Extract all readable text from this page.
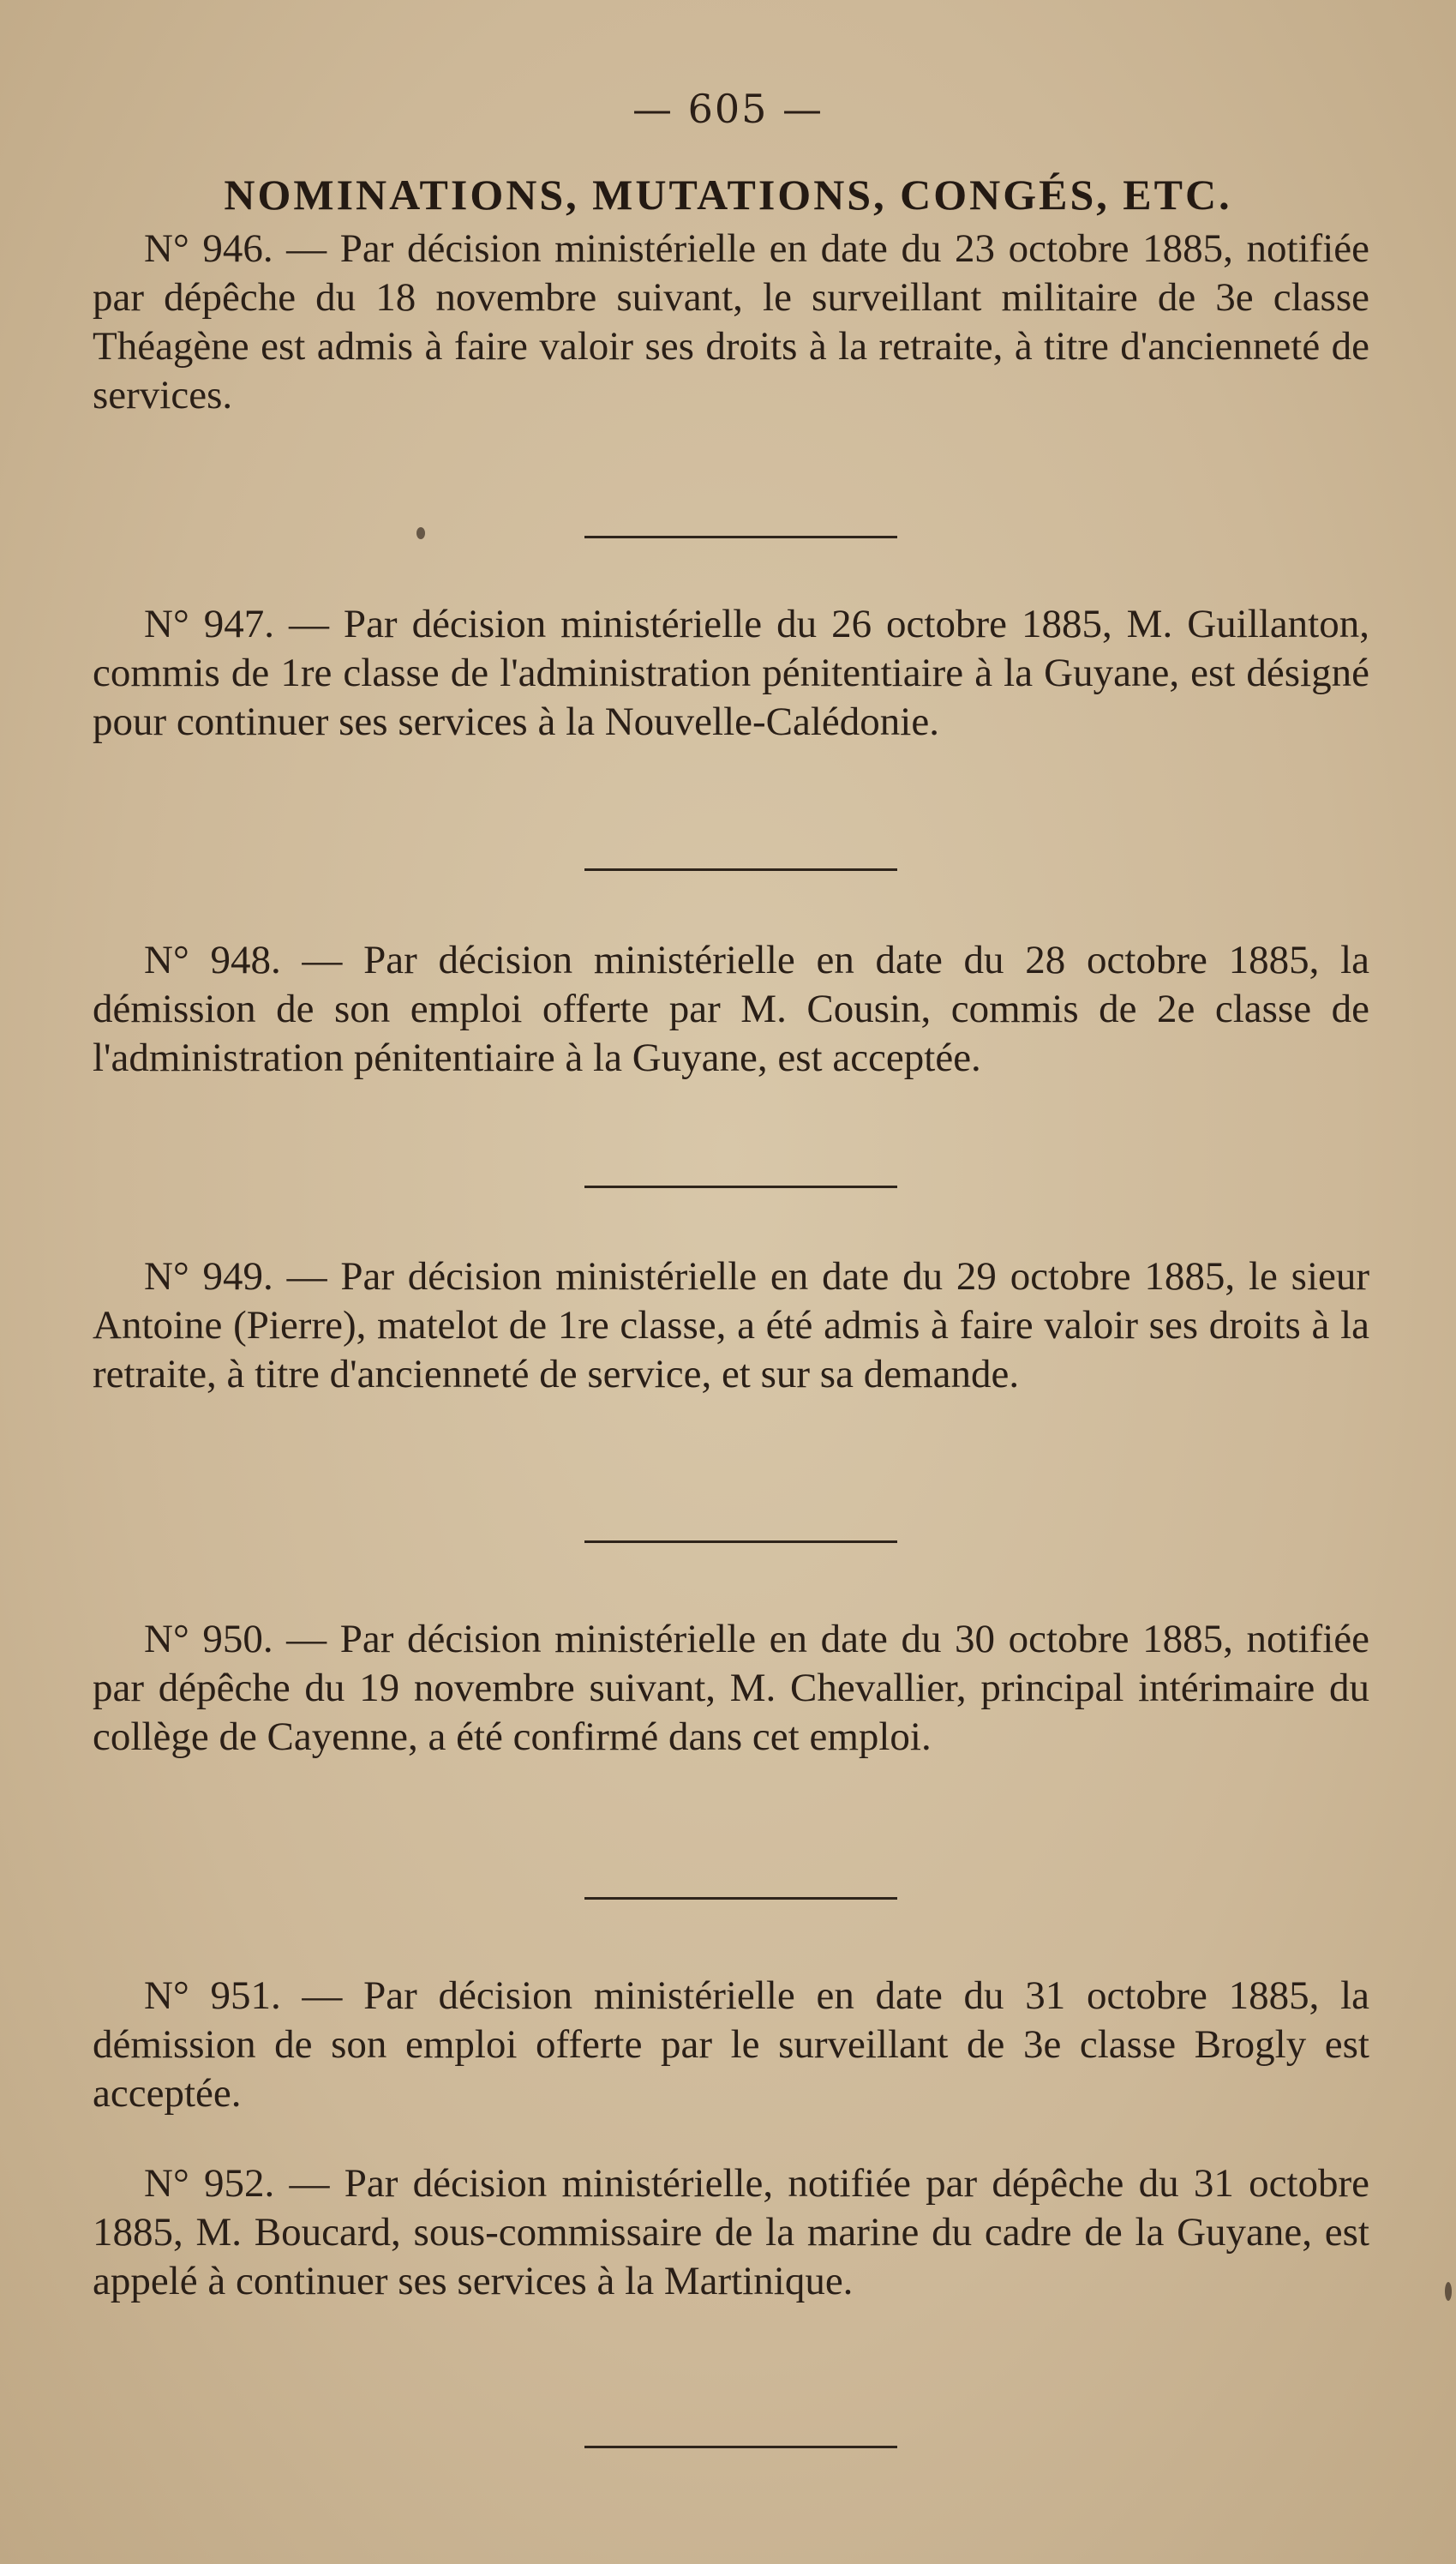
— 605 —
NOMINATIONS, MUTATIONS, CONGÉS, ETC.
N° 946. — Par décision ministérielle en date du 23 octobre 1885, notifiée par dépêche du 18 novembre suivant, le surveillant militaire de 3e classe Théagène est admis à faire valoir ses droits à la retraite, à titre d'ancienneté de services.
N° 947. — Par décision ministérielle du 26 octobre 1885, M. Guillanton, commis de 1re classe de l'administration pénitentiaire à la Guyane, est désigné pour continuer ses services à la Nouvelle-Calédonie.
N° 948. — Par décision ministérielle en date du 28 octobre 1885, la démission de son emploi offerte par M. Cousin, commis de 2e classe de l'administration pénitentiaire à la Guyane, est acceptée.
N° 949. — Par décision ministérielle en date du 29 octobre 1885, le sieur Antoine (Pierre), matelot de 1re classe, a été admis à faire valoir ses droits à la retraite, à titre d'ancienneté de service, et sur sa demande.
N° 950. — Par décision ministérielle en date du 30 octobre 1885, notifiée par dépêche du 19 novembre suivant, M. Chevallier, principal intérimaire du collège de Cayenne, a été confirmé dans cet emploi.
N° 951. — Par décision ministérielle en date du 31 octobre 1885, la démission de son emploi offerte par le surveillant de 3e classe Brogly est acceptée.
N° 952. — Par décision ministérielle, notifiée par dépêche du 31 octobre 1885, M. Boucard, sous-commissaire de la marine du cadre de la Guyane, est appelé à continuer ses services à la Martinique.
